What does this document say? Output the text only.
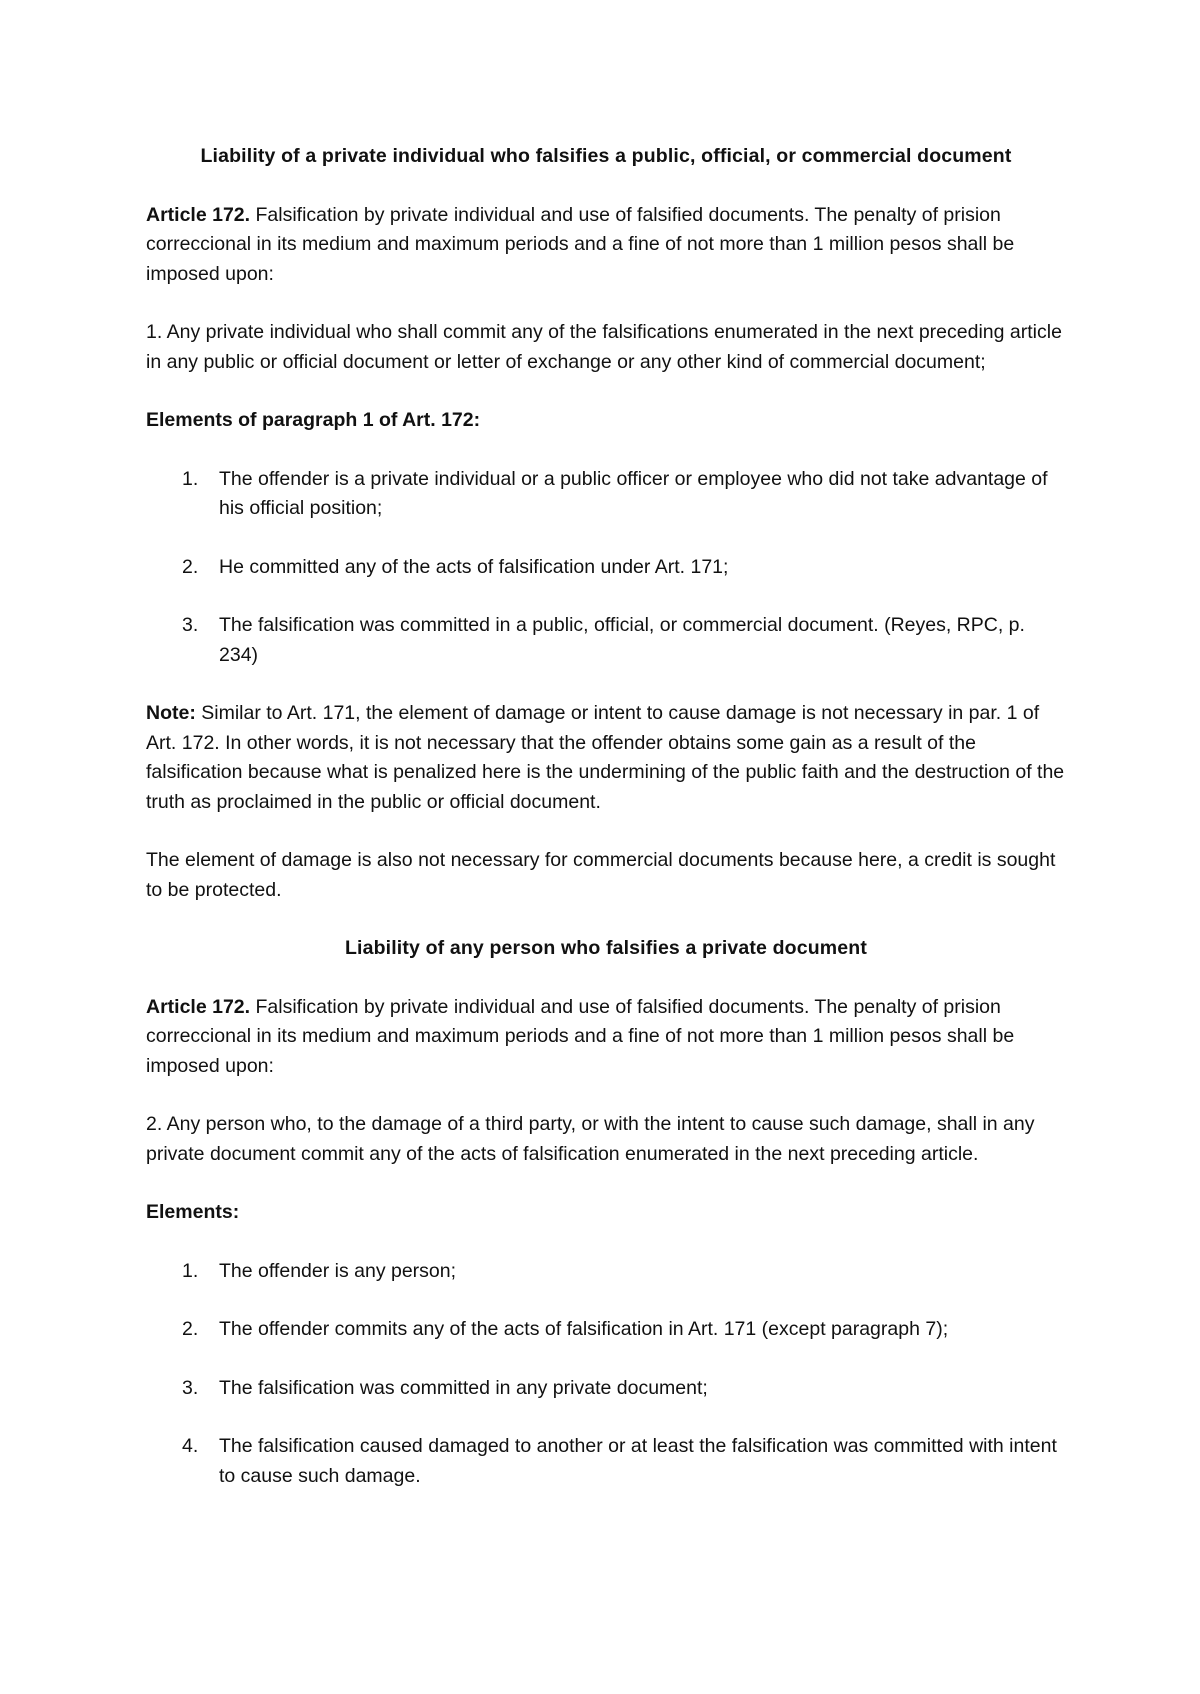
Liability of a private individual who falsifies a public, official, or commercial document

Article 172. Falsification by private individual and use of falsified documents. The penalty of prision correccional in its medium and maximum periods and a fine of not more than 1 million pesos shall be imposed upon:

1. Any private individual who shall commit any of the falsifications enumerated in the next preceding article in any public or official document or letter of exchange or any other kind of commercial document;

Elements of paragraph 1 of Art. 172:

1. The offender is a private individual or a public officer or employee who did not take advantage of his official position;
2. He committed any of the acts of falsification under Art. 171;
3. The falsification was committed in a public, official, or commercial document. (Reyes, RPC, p. 234)

Note: Similar to Art. 171, the element of damage or intent to cause damage is not necessary in par. 1 of Art. 172. In other words, it is not necessary that the offender obtains some gain as a result of the falsification because what is penalized here is the undermining of the public faith and the destruction of the truth as proclaimed in the public or official document.

The element of damage is also not necessary for commercial documents because here, a credit is sought to be protected.

Liability of any person who falsifies a private document

Article 172. Falsification by private individual and use of falsified documents. The penalty of prision correccional in its medium and maximum periods and a fine of not more than 1 million pesos shall be imposed upon:

2. Any person who, to the damage of a third party, or with the intent to cause such damage, shall in any private document commit any of the acts of falsification enumerated in the next preceding article.

Elements:

1. The offender is any person;
2. The offender commits any of the acts of falsification in Art. 171 (except paragraph 7);
3. The falsification was committed in any private document;
4. The falsification caused damaged to another or at least the falsification was committed with intent to cause such damage.
